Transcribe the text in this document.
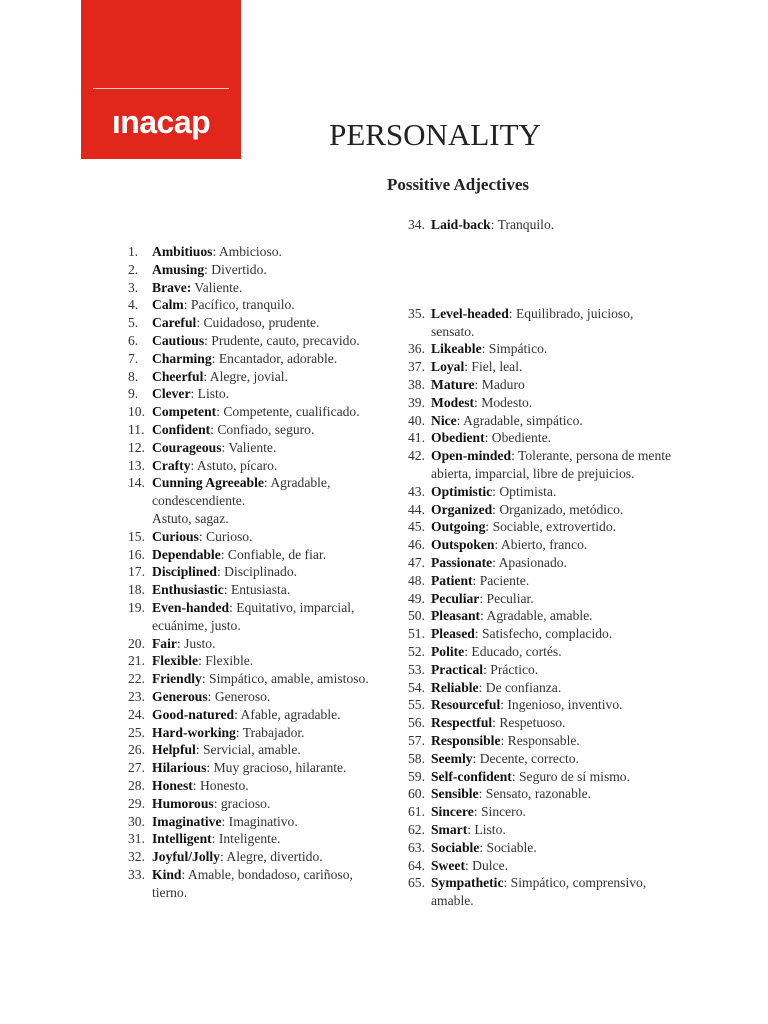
ınacap	PERSONALITY
Possitive Adjectives
1. Ambitiuos: Ambicioso.
2. Amusing: Divertido.
3. Brave: Valiente.
4. Calm: Pacífico, tranquilo.
5. Careful: Cuidadoso, prudente.
6. Cautious: Prudente, cauto, precavido.
7. Charming: Encantador, adorable.
8. Cheerful: Alegre, jovial.
9. Clever: Listo.
10. Competent: Competente, cualificado.
11. Confident: Confiado, seguro.
12. Courageous: Valiente.
13. Crafty: Astuto, pícaro.
14. Cunning Agreeable: Agradable, condescendiente.
Astuto, sagaz.
15. Curious: Curioso.
16. Dependable: Confiable, de fiar.
17. Disciplined: Disciplinado.
18. Enthusiastic: Entusiasta.
19. Even-handed: Equitativo, imparcial, ecuánime, justo.
20. Fair: Justo.
21. Flexible: Flexible.
22. Friendly: Simpático, amable, amistoso.
23. Generous: Generoso.
24. Good-natured: Afable, agradable.
25. Hard-working: Trabajador.
26. Helpful: Servicial, amable.
27. Hilarious: Muy gracioso, hilarante.
28. Honest: Honesto.
29. Humorous: gracioso.
30. Imaginative: Imaginativo.
31. Intelligent: Inteligente.
32. Joyful/Jolly: Alegre, divertido.
33. Kind: Amable, bondadoso, cariñoso, tierno.
34. Laid-back: Tranquilo.
35. Level-headed: Equilibrado, juicioso, sensato.
36. Likeable: Simpático.
37. Loyal: Fiel, leal.
38. Mature: Maduro
39. Modest: Modesto.
40. Nice: Agradable, simpático.
41. Obedient: Obediente.
42. Open-minded: Tolerante, persona de mente abierta, imparcial, libre de prejuicios.
43. Optimistic: Optimista.
44. Organized: Organizado, metódico.
45. Outgoing: Sociable, extrovertido.
46. Outspoken: Abierto, franco.
47. Passionate: Apasionado.
48. Patient: Paciente.
49. Peculiar: Peculiar.
50. Pleasant: Agradable, amable.
51. Pleased: Satisfecho, complacido.
52. Polite: Educado, cortés.
53. Practical: Práctico.
54. Reliable: De confianza.
55. Resourceful: Ingenioso, inventivo.
56. Respectful: Respetuoso.
57. Responsible: Responsable.
58. Seemly: Decente, correcto.
59. Self-confident: Seguro de sí mismo.
60. Sensible: Sensato, razonable.
61. Sincere: Sincero.
62. Smart: Listo.
63. Sociable: Sociable.
64. Sweet: Dulce.
65. Sympathetic: Simpático, comprensivo, amable.
